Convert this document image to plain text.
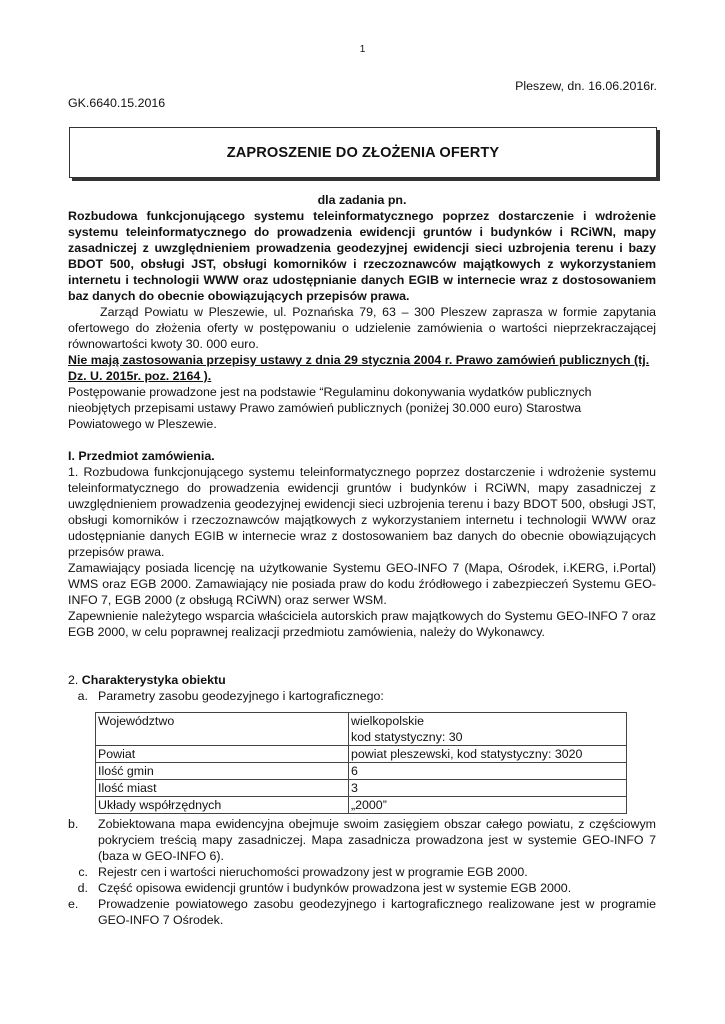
1
Pleszew, dn. 16.06.2016r.
GK.6640.15.2016
ZAPROSZENIE DO ZŁOŻENIA OFERTY
dla zadania pn.
Rozbudowa funkcjonującego systemu teleinformatycznego poprzez dostarczenie i wdrożenie systemu teleinformatycznego do prowadzenia ewidencji gruntów i budynków i RCiWN, mapy zasadniczej z uwzględnieniem prowadzenia geodezyjnej ewidencji sieci uzbrojenia terenu i bazy BDOT 500, obsługi JST, obsługi komorników i rzeczoznawców majątkowych z wykorzystaniem internetu i technologii WWW oraz udostępnianie danych EGIB w internecie wraz z dostosowaniem baz danych do obecnie obowiązujących przepisów prawa.
Zarząd Powiatu w Pleszewie, ul. Poznańska 79, 63 – 300 Pleszew zaprasza w formie zapytania ofertowego do złożenia oferty w postępowaniu o udzielenie zamówienia o wartości nieprzekraczającej równowartości kwoty 30. 000 euro.
Nie mają zastosowania przepisy ustawy z dnia 29 stycznia 2004 r. Prawo zamówień publicznych (tj. Dz. U. 2015r. poz. 2164 ).
Postępowanie prowadzone jest na podstawie “Regulaminu dokonywania wydatków publicznych nieobjętych przepisami ustawy Prawo zamówień publicznych (poniżej 30.000 euro) Starostwa Powiatowego w Pleszewie.
I. Przedmiot zamówienia.
1. Rozbudowa funkcjonującego systemu teleinformatycznego poprzez dostarczenie i wdrożenie systemu teleinformatycznego do prowadzenia ewidencji gruntów i budynków i RCiWN, mapy zasadniczej z uwzględnieniem prowadzenia geodezyjnej ewidencji sieci uzbrojenia terenu i bazy BDOT 500, obsługi JST, obsługi komorników i rzeczoznawców majątkowych z wykorzystaniem internetu i technologii WWW oraz udostępnianie danych EGIB w internecie wraz z dostosowaniem baz danych do obecnie obowiązujących przepisów prawa.
Zamawiający posiada licencję na użytkowanie Systemu GEO-INFO 7 (Mapa, Ośrodek, i.KERG, i.Portal) WMS oraz EGB 2000. Zamawiający nie posiada praw do kodu źródłowego i zabezpieczeń Systemu GEO-INFO 7, EGB 2000 (z obsługą RCiWN) oraz serwer WSM.
Zapewnienie należytego wsparcia właściciela autorskich praw majątkowych do Systemu GEO-INFO 7 oraz EGB 2000, w celu poprawnej realizacji przedmiotu zamówienia, należy do Wykonawcy.
2. Charakterystyka obiektu
a. Parametry zasobu geodezyjnego i kartograficznego:
Województwo	wielkopolskie
kod statystyczny: 30

Powiat	powiat pleszewski, kod statystyczny: 3020
Ilość gmin	6
Ilość miast	3
Układy współrzędnych	„2000”
b.	Zobiektowana mapa ewidencyjna obejmuje swoim zasięgiem obszar całego powiatu, z częściowym pokryciem treścią mapy zasadniczej. Mapa zasadnicza prowadzona jest w systemie GEO-INFO 7 (baza w GEO-INFO 6).
c. Rejestr cen i wartości nieruchomości prowadzony jest w programie EGB 2000.
d. Część opisowa ewidencji gruntów i budynków prowadzona jest w systemie EGB 2000.
e.	Prowadzenie powiatowego zasobu geodezyjnego i kartograficznego realizowane jest w programie GEO-INFO 7 Ośrodek.
